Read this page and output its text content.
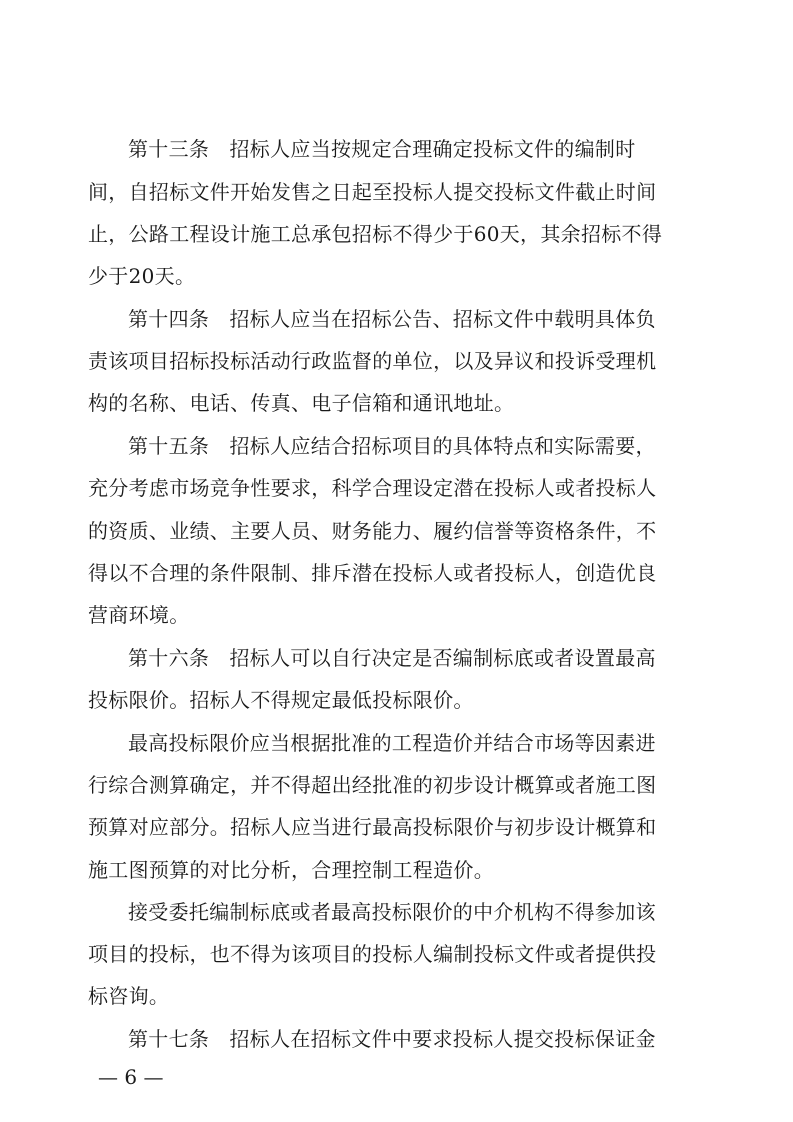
第十三条　招标人应当按规定合理确定投标文件的编制时
间，自招标文件开始发售之日起至投标人提交投标文件截止时间
止，公路工程设计施工总承包招标不得少于60天，其余招标不得
少于20天。
第十四条　招标人应当在招标公告、招标文件中载明具体负
责该项目招标投标活动行政监督的单位，以及异议和投诉受理机
构的名称、电话、传真、电子信箱和通讯地址。
第十五条　招标人应结合招标项目的具体特点和实际需要，
充分考虑市场竞争性要求，科学合理设定潜在投标人或者投标人
的资质、业绩、主要人员、财务能力、履约信誉等资格条件，不
得以不合理的条件限制、排斥潜在投标人或者投标人，创造优良
营商环境。
第十六条　招标人可以自行决定是否编制标底或者设置最高
投标限价。招标人不得规定最低投标限价。
最高投标限价应当根据批准的工程造价并结合市场等因素进
行综合测算确定，并不得超出经批准的初步设计概算或者施工图
预算对应部分。招标人应当进行最高投标限价与初步设计概算和
施工图预算的对比分析，合理控制工程造价。
接受委托编制标底或者最高投标限价的中介机构不得参加该
项目的投标，也不得为该项目的投标人编制投标文件或者提供投
标咨询。
第十七条　招标人在招标文件中要求投标人提交投标保证金
— 6 —
